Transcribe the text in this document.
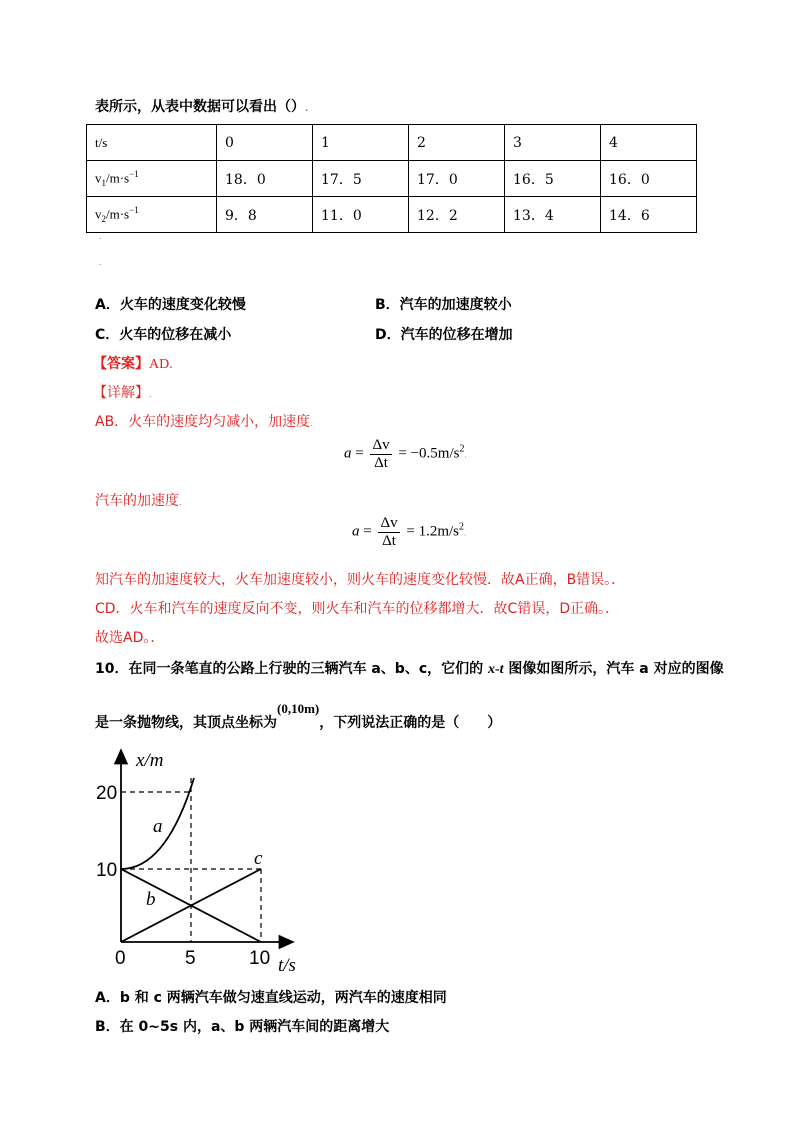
表所示，从表中数据可以看出（）.
t/s	0	1	2	3	4
$v_1/m\cdot s^{-1}$	18．0	17．5	17．0	16．5	16．0
$v_2/m\cdot s^{-1}$	9．8	11．0	12．2	13．4	14．6
.
.
A．火车的速度变化较慢	B．汽车的加速度较小
C．火车的位移在减小	D．汽车的位移在增加
【答案】AD.
【详解】.
AB．火车的速度均匀减小，加速度.
$a = \frac{\Delta v}{\Delta t} = -0.5m/s^2$.
汽车的加速度.
$a = \frac{\Delta v}{\Delta t} = 1.2m/s^2$.
知汽车的加速度较大，火车加速度较小，则火车的速度变化较慢．故A正确，B错误。．
CD．火车和汽车的速度反向不变，则火车和汽车的位移都增大．故C错误，D正确。．
故选AD。．
10．在同一条笔直的公路上行驶的三辆汽车 a、b、c，它们的 x-t 图像如图所示，汽车 a 对应的图像
是一条抛物线，其顶点坐标为(0,10m)，下列说法正确的是（　　）
x/m
t/s
20
10
0	5	10
a
b
c
A．b 和 c 两辆汽车做匀速直线运动，两汽车的速度相同
B．在 0~5s 内，a、b 两辆汽车间的距离增大
